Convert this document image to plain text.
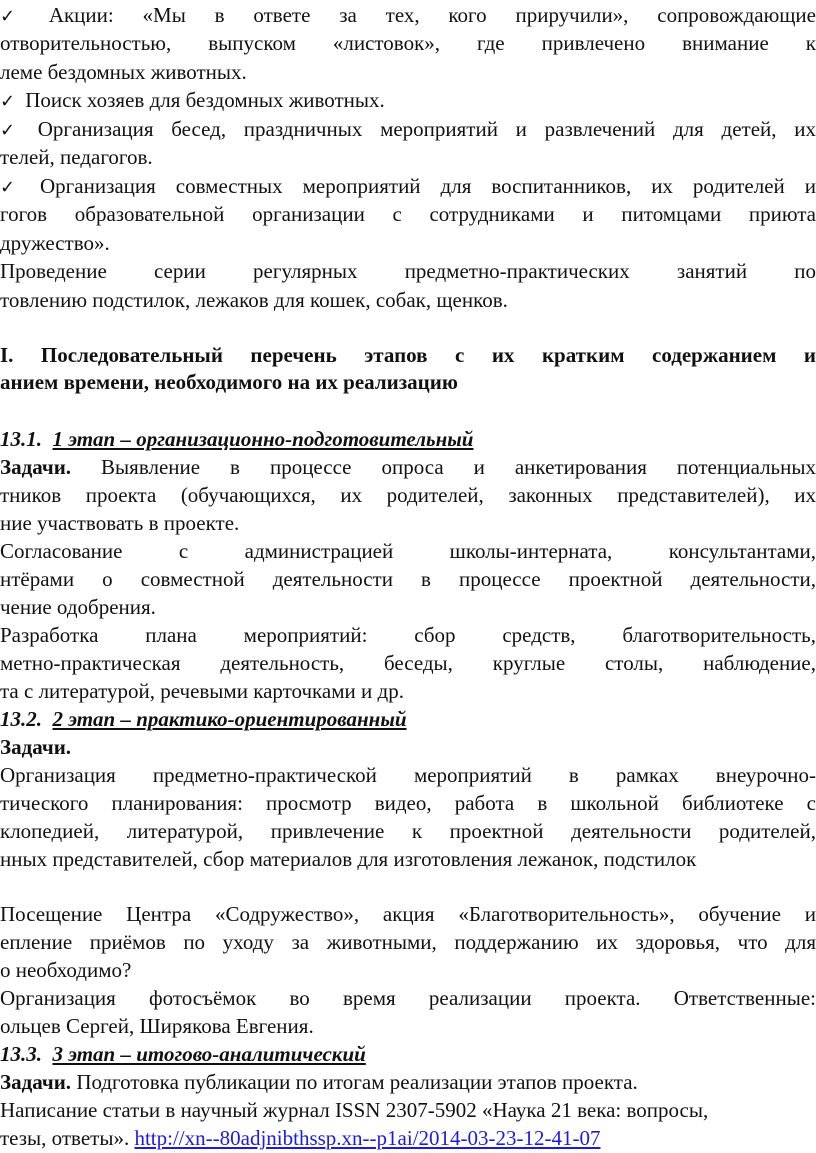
✓ Акции: «Мы в ответе за тех, кого приручили», сопровождающие
отворительностью, выпуском «листовок», где привлечено внимание к
леме бездомных животных.
✓ Поиск хозяев для бездомных животных.
✓ Организация бесед, праздничных мероприятий и развлечений для детей, их
телей, педагогов.
✓ Организация совместных мероприятий для воспитанников, их родителей и
гогов образовательной организации с сотрудниками и питомцами приюта
дружество».
Проведение серии регулярных предметно-практических занятий по
товлению подстилок, лежаков для кошек, собак, щенков.
I. Последовательный перечень этапов с их кратким содержанием и
анием времени, необходимого на их реализацию
13.1. 1 этап – организационно-подготовительный
Задачи. Выявление в процессе опроса и анкетирования потенциальных
тников проекта (обучающихся, их родителей, законных представителей), их
ние участвовать в проекте.
Согласование с администрацией школы-интерната, консультантами,
нтёрами о совместной деятельности в процессе проектной деятельности,
чение одобрения.
Разработка плана мероприятий: сбор средств, благотворительность,
метно-практическая деятельность, беседы, круглые столы, наблюдение,
та с литературой, речевыми карточками и др.
13.2. 2 этап – практико-ориентированный
Задачи.
Организация предметно-практической мероприятий в рамках внеурочно-
тического планирования: просмотр видео, работа в школьной библиотеке с
клопедией, литературой, привлечение к проектной деятельности родителей,
нных представителей, сбор материалов для изготовления лежанок, подстилок
Посещение Центра «Содружество», акция «Благотворительность», обучение и
епление приёмов по уходу за животными, поддержанию их здоровья, что для
о необходимо?
Организация фотосъёмок во время реализации проекта. Ответственные:
ольцев Сергей, Ширякова Евгения.
13.3. 3 этап – итогово-аналитический
Задачи. Подготовка публикации по итогам реализации этапов проекта.
Написание статьи в научный журнал ISSN 2307-5902 «Наука 21 века: вопросы,
тезы, ответы». http://xn--80adjnibthssp.xn--p1ai/2014-03-23-12-41-07
